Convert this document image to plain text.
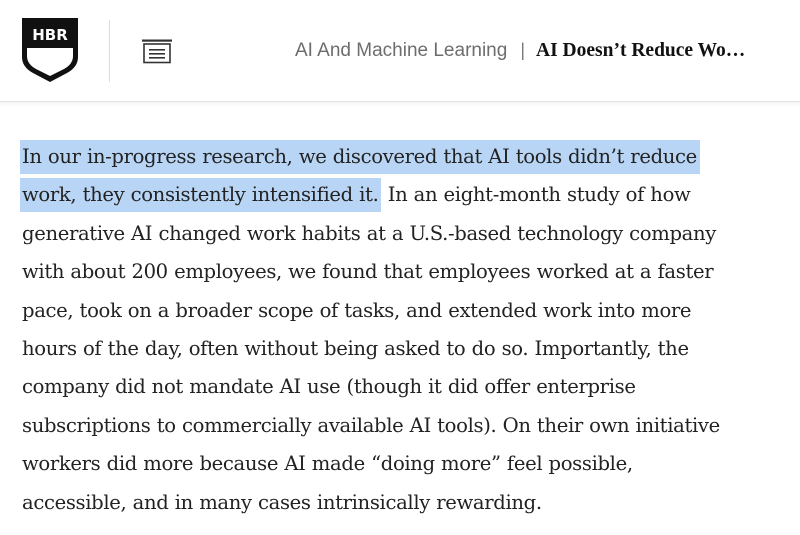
HBR
AI And Machine Learning | AI Doesn’t Reduce Wo…

In our in-progress research, we discovered that AI tools didn’t reduce
work, they consistently intensified it. In an eight-month study of how
generative AI changed work habits at a U.S.-based technology company
with about 200 employees, we found that employees worked at a faster
pace, took on a broader scope of tasks, and extended work into more
hours of the day, often without being asked to do so. Importantly, the
company did not mandate AI use (though it did offer enterprise
subscriptions to commercially available AI tools). On their own initiative
workers did more because AI made “doing more” feel possible,
accessible, and in many cases intrinsically rewarding.
